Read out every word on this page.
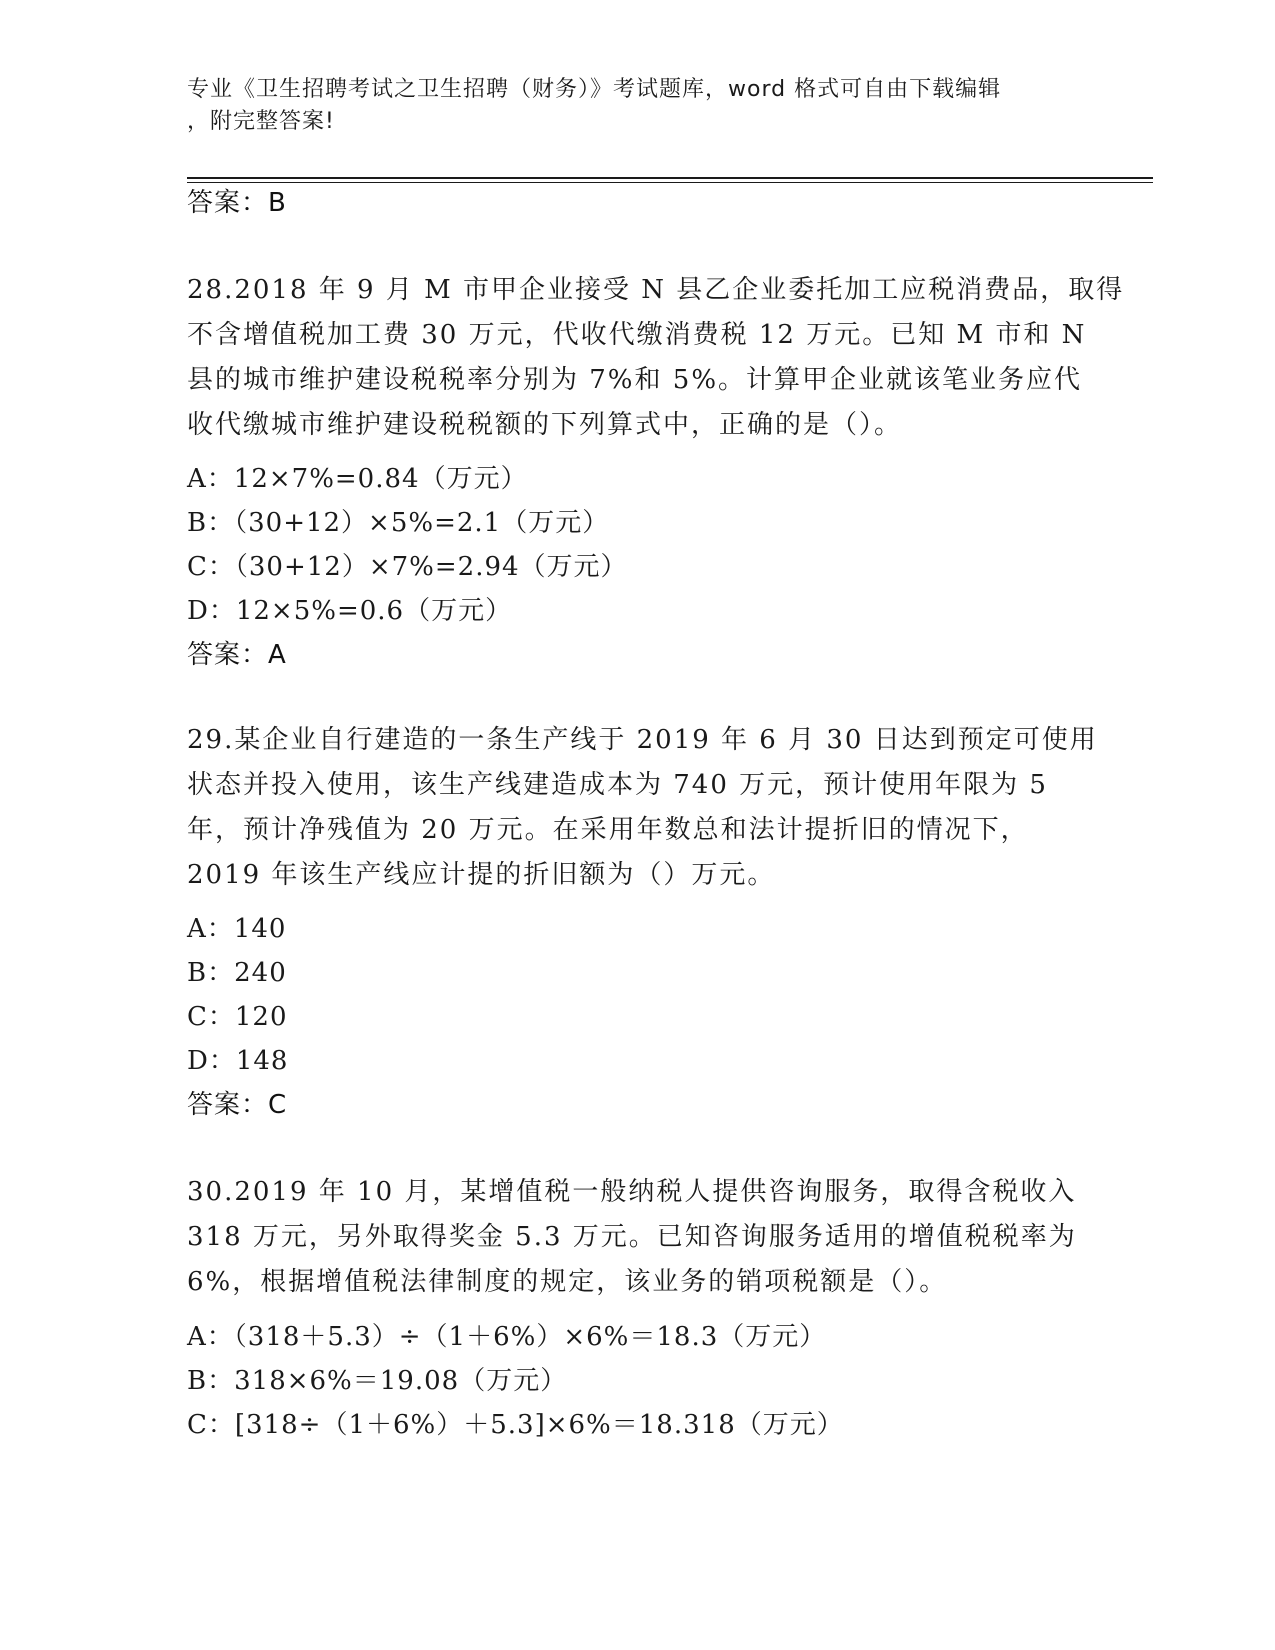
专业《卫生招聘考试之卫生招聘（财务）》考试题库，word 格式可自由下载编辑
，附完整答案!
答案：B
28.2018 年 9 月 M 市甲企业接受 N 县乙企业委托加工应税消费品，取得
不含增值税加工费 30 万元，代收代缴消费税 12 万元。已知 M 市和 N
县的城市维护建设税税率分别为 7%和 5%。计算甲企业就该笔业务应代
收代缴城市维护建设税税额的下列算式中，正确的是（）。
A：12×7%=0.84（万元）
B：（30+12）×5%=2.1（万元）
C：（30+12）×7%=2.94（万元）
D：12×5%=0.6（万元）
答案：A
29.某企业自行建造的一条生产线于 2019 年 6 月 30 日达到预定可使用
状态并投入使用，该生产线建造成本为 740 万元，预计使用年限为 5
年，预计净残值为 20 万元。在采用年数总和法计提折旧的情况下，
2019 年该生产线应计提的折旧额为（）万元。
A：140
B：240
C：120
D：148
答案：C
30.2019 年 10 月，某增值税一般纳税人提供咨询服务，取得含税收入
318 万元，另外取得奖金 5.3 万元。已知咨询服务适用的增值税税率为
6%，根据增值税法律制度的规定，该业务的销项税额是（）。
A：（318＋5.3）÷（1＋6%）×6%＝18.3（万元）
B：318×6%＝19.08（万元）
C：[318÷（1＋6%）＋5.3]×6%＝18.318（万元）
